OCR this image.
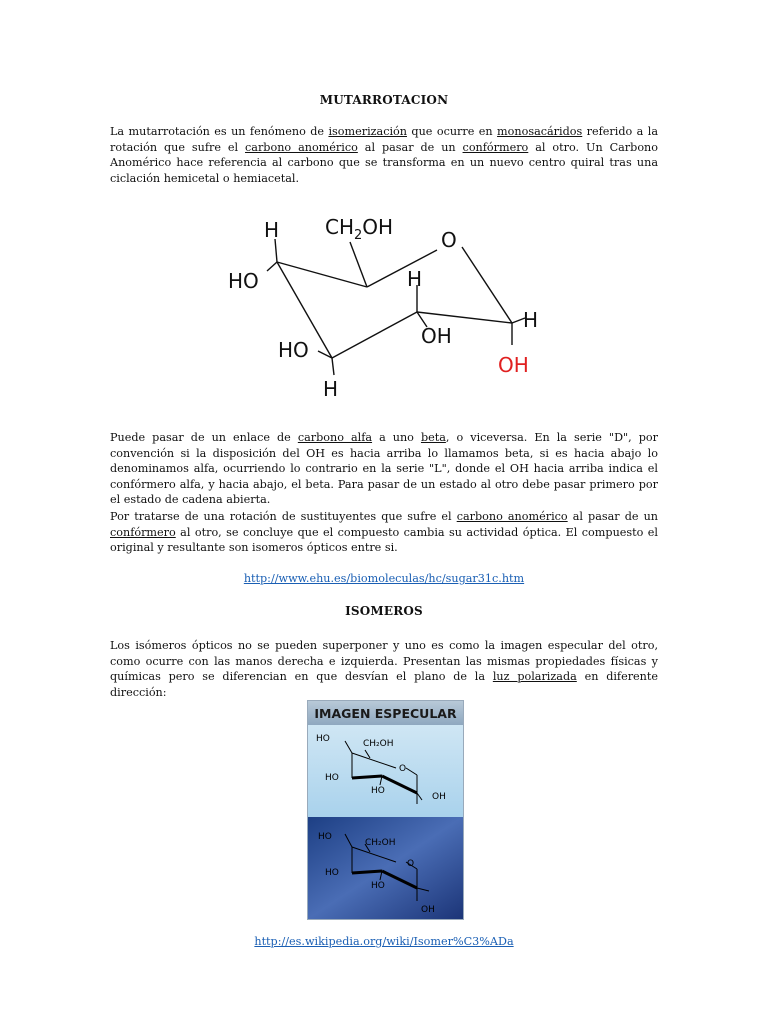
MUTARROTACION
La mutarrotación es un fenómeno de isomerización que ocurre en monosacáridos referido a la rotación que sufre el carbono anomérico al pasar de un confórmero al otro. Un Carbono Anomérico hace referencia al carbono que se transforma en un nuevo centro quiral tras una ciclación hemicetal o hemiacetal.
H $CH_2OH$
O
HO	H
OH
H
HO
H
OH
Puede pasar de un enlace de carbono alfa a uno beta, o viceversa. En la serie "D", por convención si la disposición del OH es hacia arriba lo llamamos beta, si es hacia abajo lo denominamos alfa, ocurriendo lo contrario en la serie "L", donde el OH hacia arriba indica el confórmero alfa, y hacia abajo, el beta. Para pasar de un estado al otro debe pasar primero por el estado de cadena abierta.
Por tratarse de una rotación de sustituyentes que sufre el carbono anomérico al pasar de un confórmero al otro, se concluye que el compuesto cambia su actividad óptica. El compuesto el original y resultante son isomeros ópticos entre si.
http://www.ehu.es/biomoleculas/hc/sugar31c.htm
ISOMEROS
Los isómeros ópticos no se pueden superponer y uno es como la imagen especular del otro, como ocurre con las manos derecha e izquierda. Presentan las mismas propiedades físicas y químicas pero se diferencian en que desvían el plano de la luz polarizada en diferente dirección:
IMAGEN ESPECULAR
HO	CH₂OH
O
HO
HO
OH
HO
CH₂OH
O
HO
HO
OH
http://es.wikipedia.org/wiki/Isomer%C3%ADa
